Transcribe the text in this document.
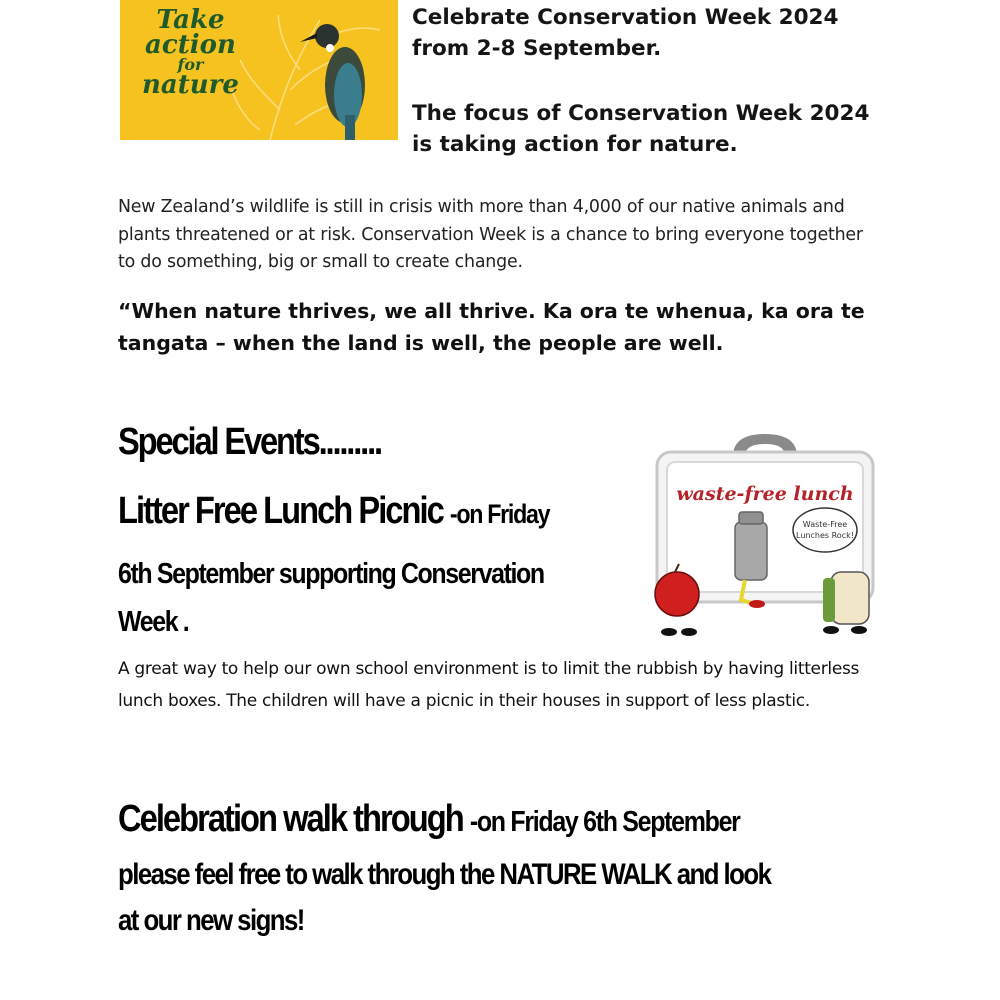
Take
action
for
nature

Celebrate Conservation Week 2024 from 2-8 September.

The focus of Conservation Week 2024 is taking action for nature.

New Zealand’s wildlife is still in crisis with more than 4,000 of our native animals and plants threatened or at risk. Conservation Week is a chance to bring everyone together to do something, big or small to create change.

“When nature thrives, we all thrive. Ka ora te whenua, ka ora te tangata – when the land is well, the people are well.

Special Events.........
Litter Free Lunch Picnic -on Friday
6th September supporting Conservation
Week .
waste-free lunch
Waste-Free
Lunches Rock!

A great way to help our own school environment is to limit the rubbish by having litterless lunch boxes. The children will have a picnic in their houses in support of less plastic.

Celebration walk through -on Friday 6th September
please feel free to walk through the NATURE WALK and look
at our new signs!
